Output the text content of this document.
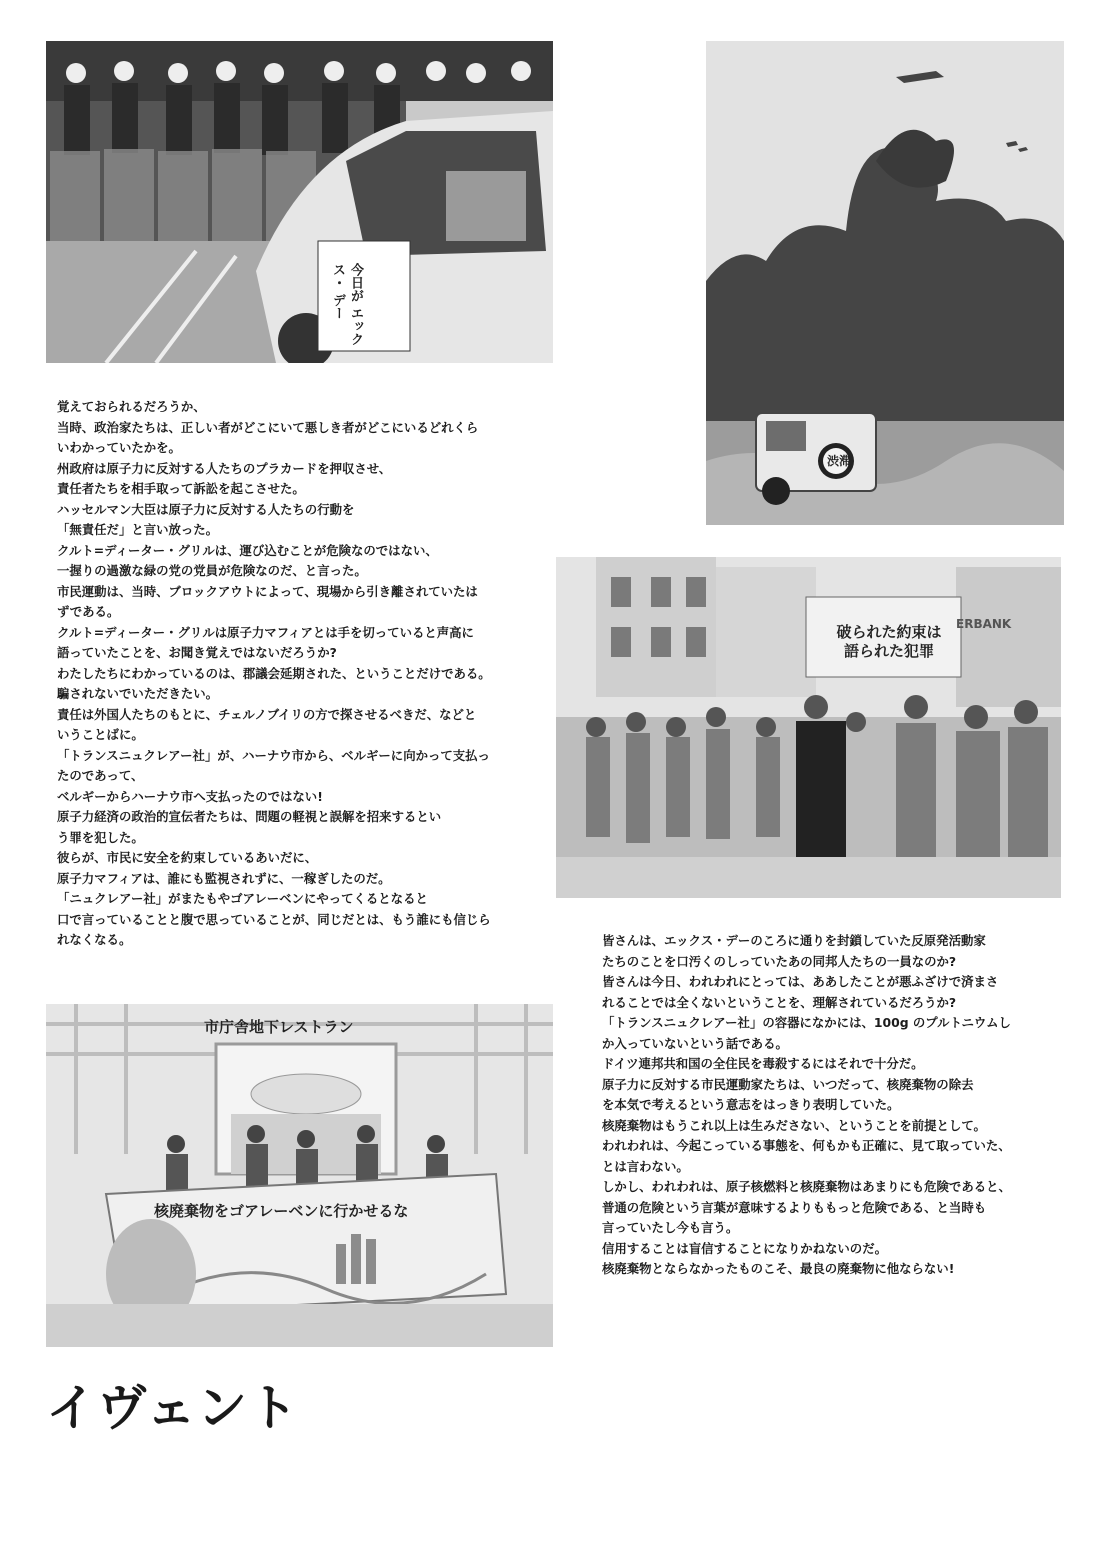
今日が エックス・ デー
渋滞
破られた約束は
語られた犯罪
ERBANK

覚えておられるだろうか、

当時、政治家たちは、正しい者がどこにいて悪しき者がどこにいるどれくら

いわかっていたかを。

州政府は原子力に反対する人たちのプラカードを押収させ、

責任者たちを相手取って訴訟を起こさせた。

ハッセルマン大臣は原子力に反対する人たちの行動を

「無責任だ」と言い放った。

クルト=ディーター・グリルは、運び込むことが危険なのではない、

一握りの過激な緑の党の党員が危険なのだ、と言った。

市民運動は、当時、ブロックアウトによって、現場から引き離されていたは

ずである。

クルト=ディーター・グリルは原子力マフィアとは手を切っていると声高に

語っていたことを、お聞き覚えではないだろうか?

わたしたちにわかっているのは、郡議会延期された、ということだけである。

騙されないでいただきたい。

責任は外国人たちのもとに、チェルノブイリの方で探させるべきだ、などと

いうことばに。

「トランスニュクレアー社」が、ハーナウ市から、ベルギーに向かって支払っ

たのであって、

ベルギーからハーナウ市へ支払ったのではない!

原子力経済の政治的宣伝者たちは、問題の軽視と誤解を招来するとい

う罪を犯した。

彼らが、市民に安全を約束しているあいだに、

原子力マフィアは、誰にも監視されずに、一稼ぎしたのだ。

「ニュクレアー社」がまたもやゴアレーベンにやってくるとなると

口で言っていることと腹で思っていることが、同じだとは、もう誰にも信じら

れなくなる。	皆さんは、エックス・デーのころに通りを封鎖していた反原発活動家

たちのことを口汚くのしっていたあの同邦人たちの一員なのか?

皆さんは今日、われわれにとっては、ああしたことが悪ふざけで済まさ

れることでは全くないということを、理解されているだろうか?

「トランスニュクレアー社」の容器になかには、100g のプルトニウムし

か入っていないという話である。

ドイツ連邦共和国の全住民を毒殺するにはそれで十分だ。

原子力に反対する市民運動家たちは、いつだって、核廃棄物の除去

を本気で考えるという意志をはっきり表明していた。

核廃棄物はもうこれ以上は生みださない、ということを前提として。

われわれは、今起こっている事態を、何もかも正確に、見て取っていた、

とは言わない。

しかし、われわれは、原子核燃料と核廃棄物はあまりにも危険であると、

普通の危険という言葉が意味するよりももっと危険である、と当時も

言っていたし今も言う。

信用することは盲信することになりかねないのだ。

核廃棄物とならなかったものこそ、最良の廃棄物に他ならない!

市庁舎地下レストラン
核廃棄物をゴアレーベンに行かせるな
イヴェント
